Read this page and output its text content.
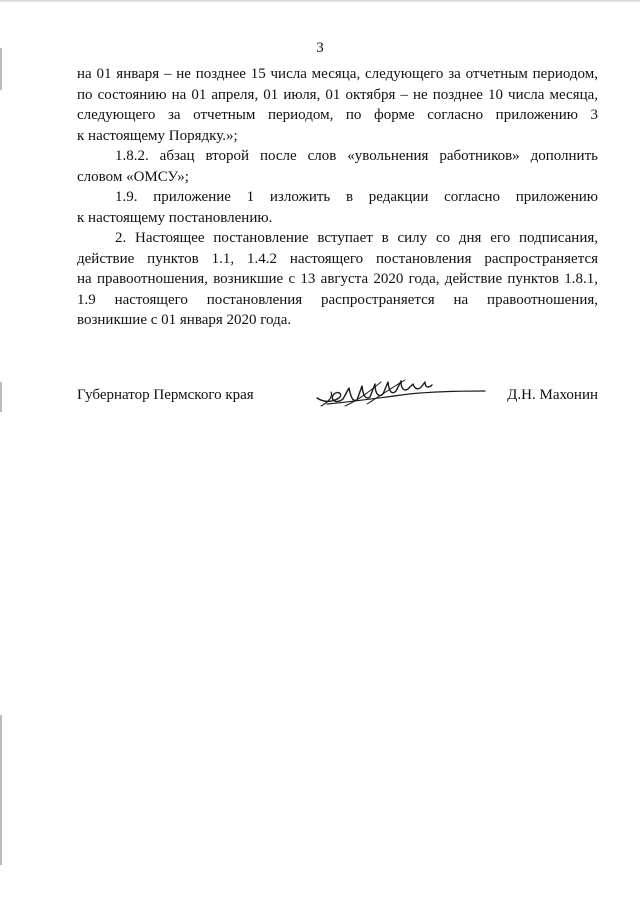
3
на 01 января – не позднее 15 числа месяца, следующего за отчетным периодом,
по состоянию на 01 апреля, 01 июля, 01 октября – не позднее 10 числа месяца,
следующего за отчетным периодом, по форме согласно приложению 3
к настоящему Порядку.»;
1.8.2. абзац второй после слов «увольнения работников» дополнить
словом «ОМСУ»;
1.9. приложение 1 изложить в редакции согласно приложению
к настоящему постановлению.
2. Настоящее постановление вступает в силу со дня его подписания,
действие пунктов 1.1, 1.4.2 настоящего постановления распространяется
на правоотношения, возникшие с 13 августа 2020 года, действие пунктов 1.8.1,
1.9 настоящего постановления распространяется на правоотношения,
возникшие с 01 января 2020 года.
Губернатор Пермского края	Д.Н. Махонин
